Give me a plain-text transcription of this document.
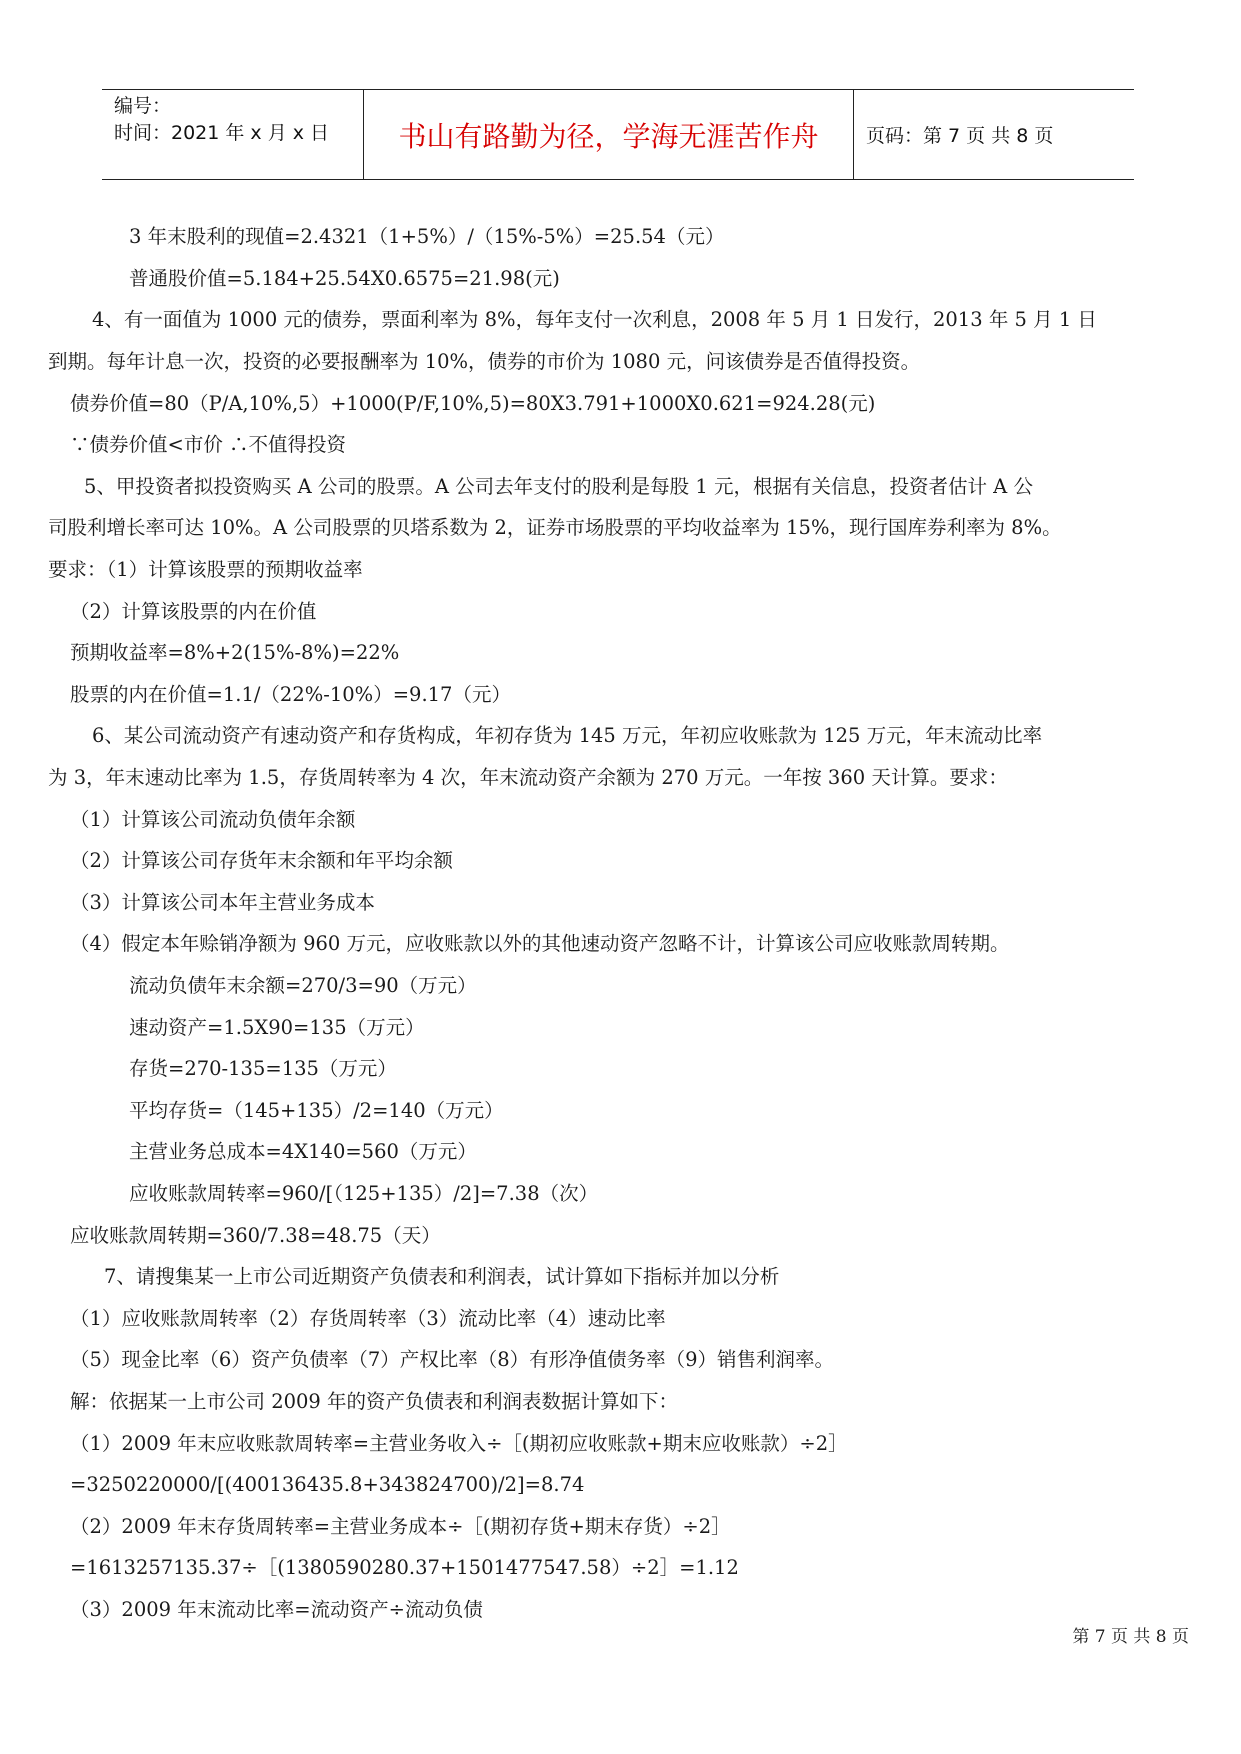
编号：
时间：2021 年 x 月 x 日	书山有路勤为径，学海无涯苦作舟	页码：第 7 页 共 8 页
3 年末股利的现值=2.4321（1+5%）/（15%-5%）=25.54（元）
普通股价值=5.184+25.54X0.6575=21.98(元)
4、有一面值为 1000 元的债券，票面利率为 8%，每年支付一次利息，2008 年 5 月 1 日发行，2013 年 5 月 1 日
到期。每年计息一次，投资的必要报酬率为 10%，债券的市价为 1080 元，问该债券是否值得投资。
债券价值=80（P/A,10%,5）+1000(P/F,10%,5)=80X3.791+1000X0.621=924.28(元)
∵债券价值<市价 ∴不值得投资
5、甲投资者拟投资购买 A 公司的股票。A 公司去年支付的股利是每股 1 元，根据有关信息，投资者估计 A 公
司股利增长率可达 10%。A 公司股票的贝塔系数为 2，证券市场股票的平均收益率为 15%，现行国库券利率为 8%。
要求：（1）计算该股票的预期收益率
（2）计算该股票的内在价值
预期收益率=8%+2(15%-8%)=22%
股票的内在价值=1.1/（22%-10%）=9.17（元）
6、某公司流动资产有速动资产和存货构成，年初存货为 145 万元，年初应收账款为 125 万元，年末流动比率
为 3，年末速动比率为 1.5，存货周转率为 4 次，年末流动资产余额为 270 万元。一年按 360 天计算。要求：
（1）计算该公司流动负债年余额
（2）计算该公司存货年末余额和年平均余额
（3）计算该公司本年主营业务成本
（4）假定本年赊销净额为 960 万元，应收账款以外的其他速动资产忽略不计，计算该公司应收账款周转期。
流动负债年末余额=270/3=90（万元）
速动资产=1.5X90=135（万元）
存货=270-135=135（万元）
平均存货=（145+135）/2=140（万元）
主营业务总成本=4X140=560（万元）
应收账款周转率=960/[（125+135）/2]=7.38（次）
应收账款周转期=360/7.38=48.75（天）
7、请搜集某一上市公司近期资产负债表和利润表，试计算如下指标并加以分析
（1）应收账款周转率（2）存货周转率（3）流动比率（4）速动比率
（5）现金比率（6）资产负债率（7）产权比率（8）有形净值债务率（9）销售利润率。
解：依据某一上市公司 2009 年的资产负债表和利润表数据计算如下：
（1）2009 年末应收账款周转率=主营业务收入÷［(期初应收账款+期末应收账款）÷2］
=3250220000/[(400136435.8+343824700)/2]=8.74
（2）2009 年末存货周转率=主营业务成本÷［(期初存货+期末存货）÷2］
=1613257135.37÷［(1380590280.37+1501477547.58）÷2］=1.12
（3）2009 年末流动比率=流动资产÷流动负债
第 7 页 共 8 页
